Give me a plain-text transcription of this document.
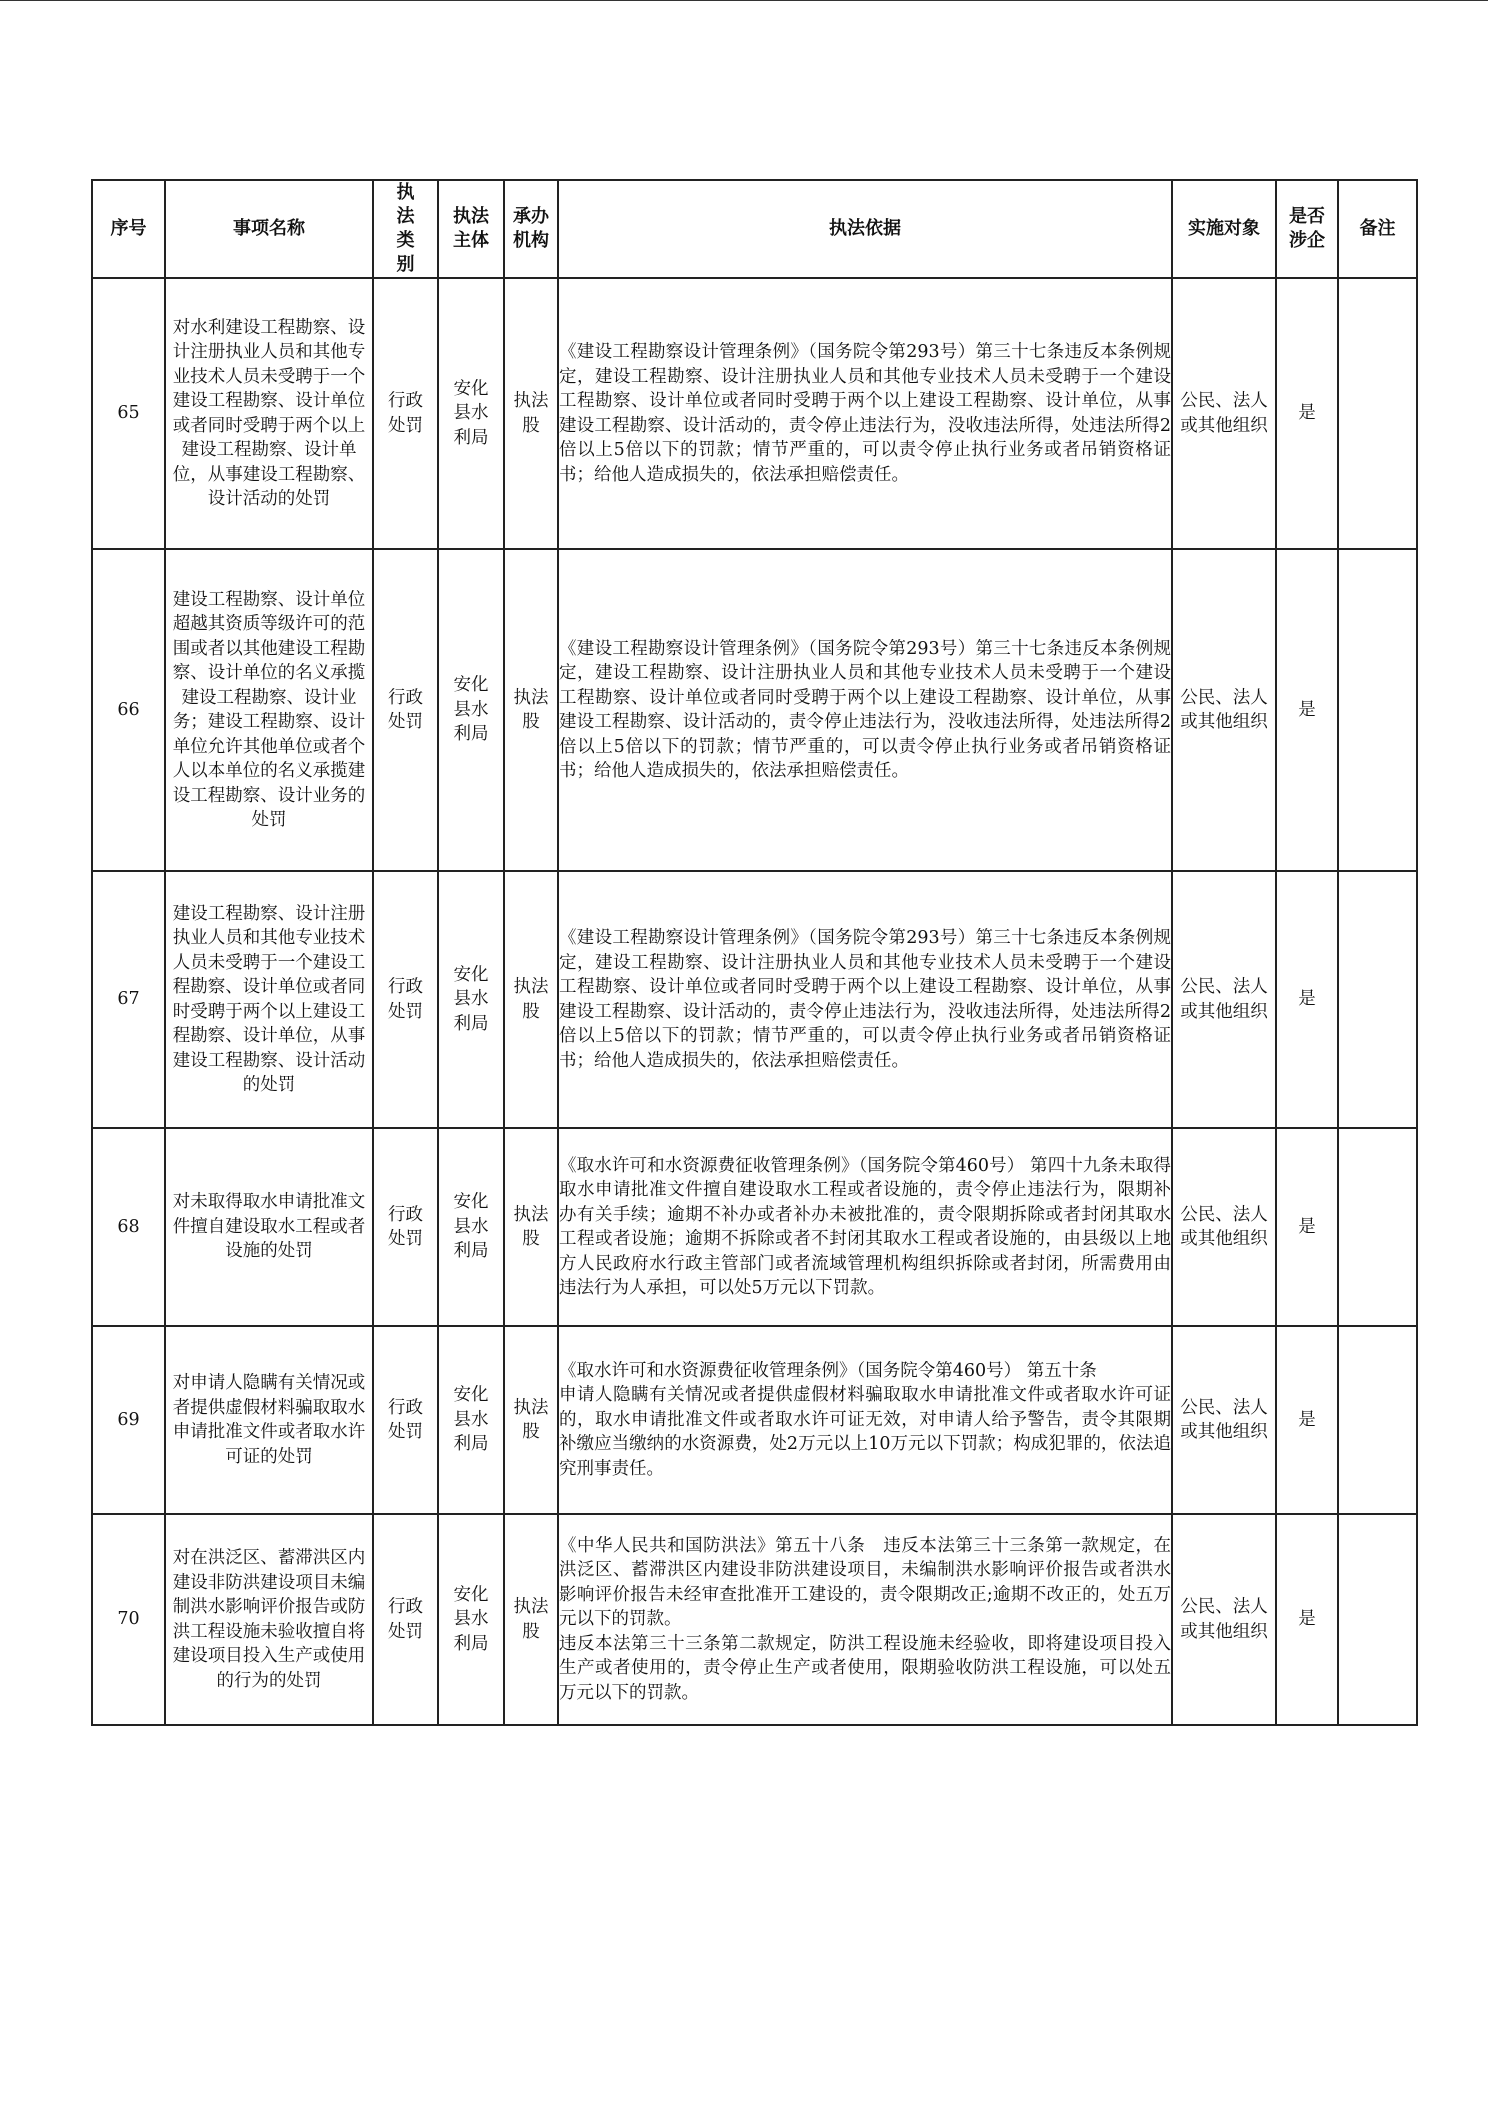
序号	事项名称	执法类别	执法主体	承办机构	执法依据	实施对象	是否涉企	备注
65	对水利建设工程勘察、设计注册执业人员和其他专业技术人员未受聘于一个建设工程勘察、设计单位或者同时受聘于两个以上建设工程勘察、设计单位，从事建设工程勘察、设计活动的处罚	行政处罚	安化县水利局	执法股	《建设工程勘察设计管理条例》（国务院令第293号）第三十七条违反本条例规定，建设工程勘察、设计注册执业人员和其他专业技术人员未受聘于一个建设工程勘察、设计单位或者同时受聘于两个以上建设工程勘察、设计单位，从事建设工程勘察、设计活动的，责令停止违法行为，没收违法所得，处违法所得2倍以上5倍以下的罚款；情节严重的，可以责令停止执行业务或者吊销资格证书；给他人造成损失的，依法承担赔偿责任。	公民、法人或其他组织	是	
66	建设工程勘察、设计单位超越其资质等级许可的范围或者以其他建设工程勘察、设计单位的名义承揽建设工程勘察、设计业务；建设工程勘察、设计单位允许其他单位或者个人以本单位的名义承揽建设工程勘察、设计业务的处罚	行政处罚	安化县水利局	执法股	《建设工程勘察设计管理条例》（国务院令第293号）第三十七条违反本条例规定，建设工程勘察、设计注册执业人员和其他专业技术人员未受聘于一个建设工程勘察、设计单位或者同时受聘于两个以上建设工程勘察、设计单位，从事建设工程勘察、设计活动的，责令停止违法行为，没收违法所得，处违法所得2倍以上5倍以下的罚款；情节严重的，可以责令停止执行业务或者吊销资格证书；给他人造成损失的，依法承担赔偿责任。	公民、法人或其他组织	是	
67	建设工程勘察、设计注册执业人员和其他专业技术人员未受聘于一个建设工程勘察、设计单位或者同时受聘于两个以上建设工程勘察、设计单位，从事建设工程勘察、设计活动的处罚	行政处罚	安化县水利局	执法股	《建设工程勘察设计管理条例》（国务院令第293号）第三十七条违反本条例规定，建设工程勘察、设计注册执业人员和其他专业技术人员未受聘于一个建设工程勘察、设计单位或者同时受聘于两个以上建设工程勘察、设计单位，从事建设工程勘察、设计活动的，责令停止违法行为，没收违法所得，处违法所得2倍以上5倍以下的罚款；情节严重的，可以责令停止执行业务或者吊销资格证书；给他人造成损失的，依法承担赔偿责任。	公民、法人或其他组织	是	
68	对未取得取水申请批准文件擅自建设取水工程或者设施的处罚	行政处罚	安化县水利局	执法股	《取水许可和水资源费征收管理条例》（国务院令第460号） 第四十九条未取得取水申请批准文件擅自建设取水工程或者设施的，责令停止违法行为，限期补办有关手续；逾期不补办或者补办未被批准的，责令限期拆除或者封闭其取水工程或者设施；逾期不拆除或者不封闭其取水工程或者设施的，由县级以上地方人民政府水行政主管部门或者流域管理机构组织拆除或者封闭，所需费用由违法行为人承担，可以处5万元以下罚款。	公民、法人或其他组织	是	
69	对申请人隐瞒有关情况或者提供虚假材料骗取取水申请批准文件或者取水许可证的处罚	行政处罚	安化县水利局	执法股	《取水许可和水资源费征收管理条例》（国务院令第460号） 第五十条
申请人隐瞒有关情况或者提供虚假材料骗取取水申请批准文件或者取水许可证的，取水申请批准文件或者取水许可证无效，对申请人给予警告，责令其限期补缴应当缴纳的水资源费，处2万元以上10万元以下罚款；构成犯罪的，依法追究刑事责任。	公民、法人或其他组织	是	
70	对在洪泛区、蓄滞洪区内建设非防洪建设项目未编制洪水影响评价报告或防洪工程设施未验收擅自将建设项目投入生产或使用的行为的处罚	行政处罚	安化县水利局	执法股	《中华人民共和国防洪法》第五十八条　违反本法第三十三条第一款规定，在洪泛区、蓄滞洪区内建设非防洪建设项目，未编制洪水影响评价报告或者洪水影响评价报告未经审查批准开工建设的，责令限期改正;逾期不改正的，处五万元以下的罚款。
违反本法第三十三条第二款规定，防洪工程设施未经验收，即将建设项目投入生产或者使用的，责令停止生产或者使用，限期验收防洪工程设施，可以处五万元以下的罚款。	公民、法人或其他组织	是	
